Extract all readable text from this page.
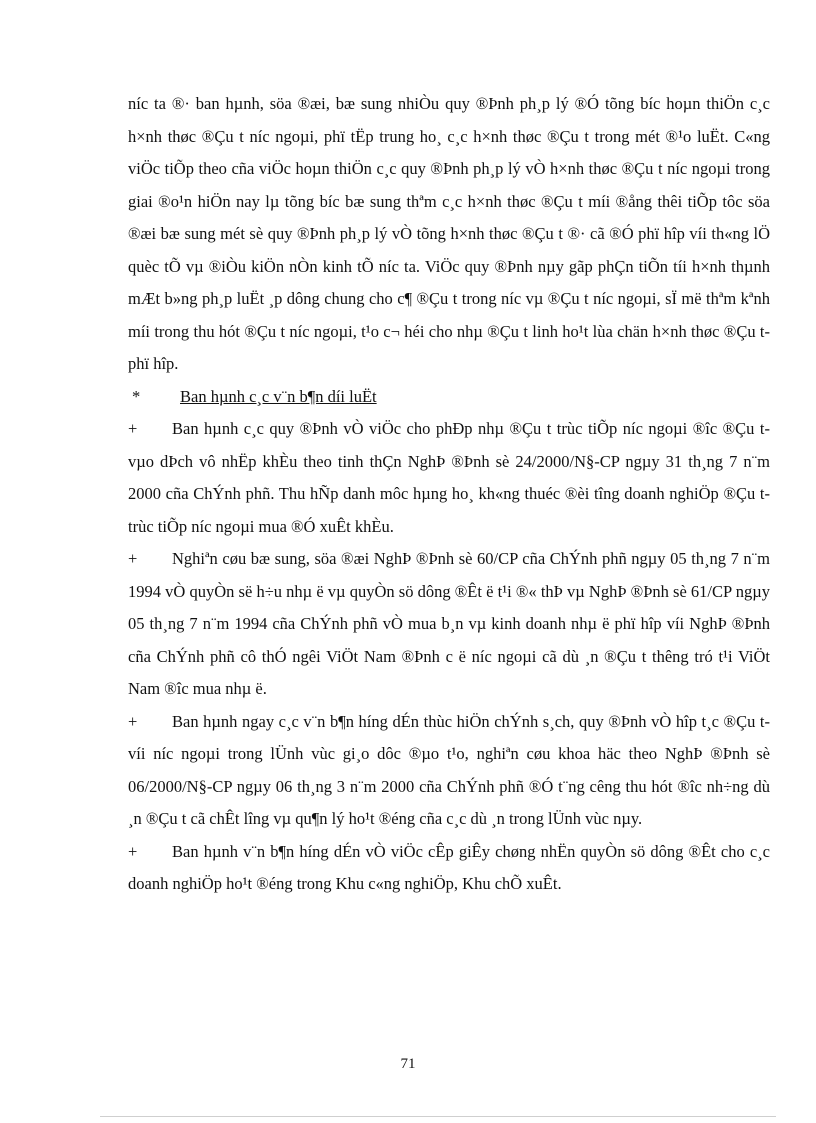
níc ta ®· ban hµnh, söa ®æi, bæ sung nhiÒu quy ®Þnh ph¸p lý ®Ó tõng bíc hoµn thiÖn c¸c h×nh thøc ®Çu t níc ngoµi, phï tËp trung ho¸ c¸c h×nh thøc ®Çu t trong mét ®¹o luËt. C«ng viÖc tiÕp theo cña viÖc hoµn thiÖn c¸c quy ®Þnh ph¸p lý vÒ h×nh thøc ®Çu t níc ngoµi trong giai ®o¹n hiÖn nay lµ tõng bíc bæ sung thªm c¸c h×nh thøc ®Çu t míi ®ång thêi tiÕp tôc söa ®æi bæ sung mét sè quy ®Þnh ph¸p lý vÒ tõng h×nh thøc ®Çu t ®· cã ®Ó phï hîp víi th«ng lÖ quèc tÕ vµ ®iÒu kiÖn nÒn kinh tÕ níc ta. ViÖc quy ®Þnh nµy gãp phÇn tiÕn tíi h×nh thµnh mÆt b»ng ph¸p luËt ¸p dông chung cho c¶ ®Çu t trong níc vµ ®Çu t níc ngoµi, sÏ më thªm kªnh míi trong thu hót ®Çu t níc ngoµi, t¹o c¬ héi cho nhµ ®Çu t linh ho¹t lùa chän h×nh thøc ®Çu t phï hîp.

* Ban hµnh c¸c v¨n b¶n díi luËt

+ Ban hµnh c¸c quy ®Þnh vÒ viÖc cho phÐp nhµ ®Çu t trùc tiÕp níc ngoµi ®îc ®Çu t vµo dÞch vô nhËp khÈu theo tinh thÇn NghÞ ®Þnh sè 24/2000/N§-CP ngµy 31 th¸ng 7 n¨m 2000 cña ChÝnh phñ. Thu hÑp danh môc hµng ho¸ kh«ng thuéc ®èi tîng doanh nghiÖp ®Çu t trùc tiÕp níc ngoµi mua ®Ó xuÊt khÈu.

+ Nghiªn cøu bæ sung, söa ®æi NghÞ ®Þnh sè 60/CP cña ChÝnh phñ ngµy 05 th¸ng 7 n¨m 1994 vÒ quyÒn së h÷u nhµ ë vµ quyÒn sö dông ®Êt ë t¹i ®« thÞ vµ NghÞ ®Þnh sè 61/CP ngµy 05 th¸ng 7 n¨m 1994 cña ChÝnh phñ vÒ mua b¸n vµ kinh doanh nhµ ë phï hîp víi NghÞ ®Þnh cña ChÝnh phñ cô thÓ ngêi ViÖt Nam ®Þnh c ë níc ngoµi cã dù ¸n ®Çu t thêng tró t¹i ViÖt Nam ®îc mua nhµ ë.

+ Ban hµnh ngay c¸c v¨n b¶n híng dÉn thùc hiÖn chÝnh s¸ch, quy ®Þnh vÒ hîp t¸c ®Çu t víi níc ngoµi trong lÜnh vùc gi¸o dôc ®µo t¹o, nghiªn cøu khoa häc theo NghÞ ®Þnh sè 06/2000/N§-CP ngµy 06 th¸ng 3 n¨m 2000 cña ChÝnh phñ ®Ó t¨ng cêng thu hót ®îc nh÷ng dù ¸n ®Çu t cã chÊt lîng vµ qu¶n lý ho¹t ®éng cña c¸c dù ¸n trong lÜnh vùc nµy.

+ Ban hµnh v¨n b¶n híng dÉn vÒ viÖc cÊp giÊy chøng nhËn quyÒn sö dông ®Êt cho c¸c doanh nghiÖp ho¹t ®éng trong Khu c«ng nghiÖp, Khu chÕ xuÊt.

71
